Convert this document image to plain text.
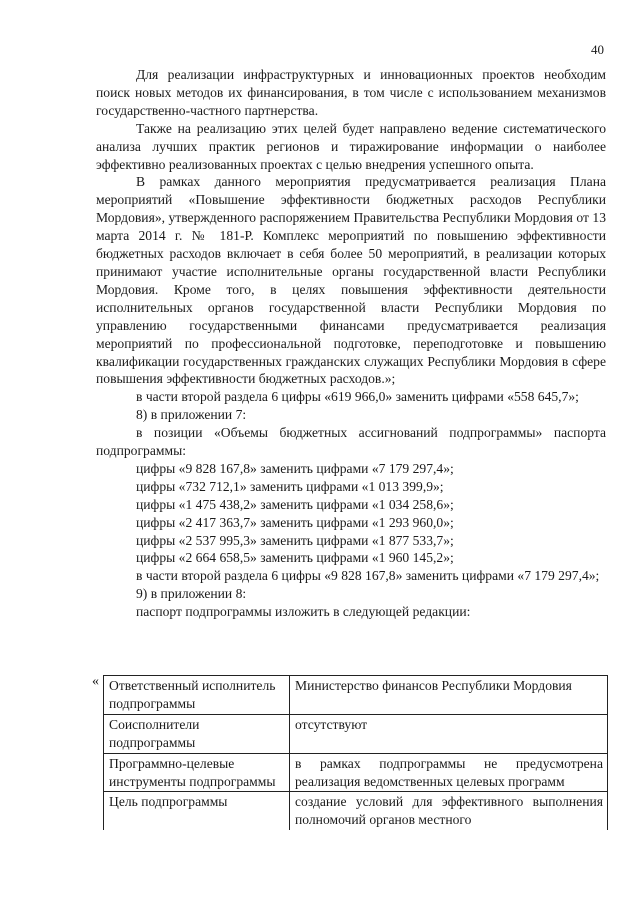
40

Для реализации инфраструктурных и инновационных проектов необходим поиск новых методов их финансирования, в том числе с использованием механизмов государственно-частного партнерства.

Также на реализацию этих целей будет направлено ведение систематического анализа лучших практик регионов и тиражирование информации о наиболее эффективно реализованных проектах с целью внедрения успешного опыта.

В рамках данного мероприятия предусматривается реализация Плана мероприятий «Повышение эффективности бюджетных расходов Республики Мордовия», утвержденного распоряжением Правительства Республики Мордовия от 13 марта 2014 г. № 181-Р. Комплекс мероприятий по повышению эффективности бюджетных расходов включает в себя более 50 мероприятий, в реализации которых принимают участие исполнительные органы государственной власти Республики Мордовия. Кроме того, в целях повышения эффективности деятельности исполнительных органов государственной власти Республики Мордовия по управлению государственными финансами предусматривается реализация мероприятий по профессиональной подготовке, переподготовке и повышению квалификации государственных гражданских служащих Республики Мордовия в сфере повышения эффективности бюджетных расходов.»;

в части второй раздела 6 цифры «619 966,0» заменить цифрами «558 645,7»;

8) в приложении 7:

в позиции «Объемы бюджетных ассигнований подпрограммы» паспорта подпрограммы:

цифры «9 828 167,8» заменить цифрами «7 179 297,4»;

цифры «732 712,1» заменить цифрами «1 013 399,9»;

цифры «1 475 438,2» заменить цифрами «1 034 258,6»;

цифры «2 417 363,7» заменить цифрами «1 293 960,0»;

цифры «2 537 995,3» заменить цифрами «1 877 533,7»;

цифры «2 664 658,5» заменить цифрами «1 960 145,2»;

в части второй раздела 6 цифры «9 828 167,8» заменить цифрами «7 179 297,4»;

9) в приложении 8:

паспорт подпрограммы изложить в следующей редакции:

« Ответственный исполнитель подпрограммы	Министерство финансов Республики Мордовия
Соисполнители подпрограммы	отсутствуют
Программно-целевые инструменты подпрограммы	в рамках подпрограммы не предусмотрена реализация ведомственных целевых программ
Цель подпрограммы	создание условий для эффективного выполнения полномочий органов местного
